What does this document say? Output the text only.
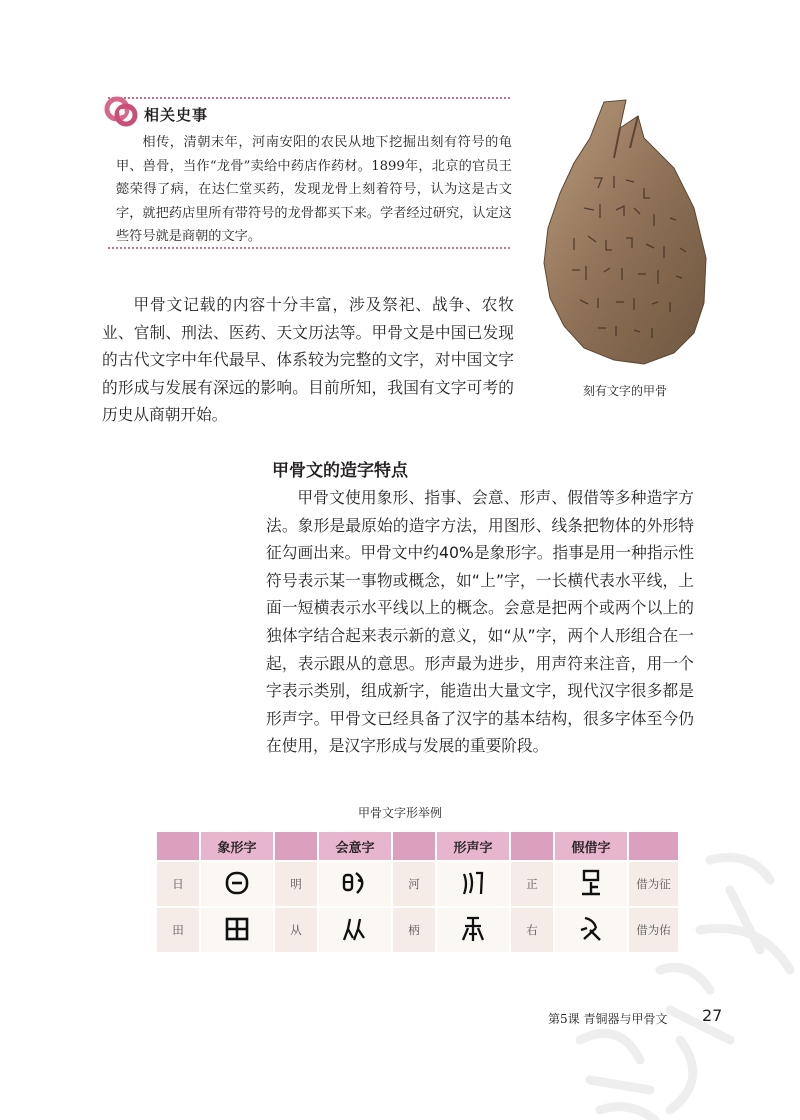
相关史事

相传，清朝末年，河南安阳的农民从地下挖掘出刻有符号的龟甲、兽骨，当作“龙骨”卖给中药店作药材。1899年，北京的官员王懿荣得了病，在达仁堂买药，发现龙骨上刻着符号，认为这是古文字，就把药店里所有带符号的龙骨都买下来。学者经过研究，认定这些符号就是商朝的文字。

刻有文字的甲骨

甲骨文记载的内容十分丰富，涉及祭祀、战争、农牧业、官制、刑法、医药、天文历法等。甲骨文是中国已发现的古代文字中年代最早、体系较为完整的文字，对中国文字的形成与发展有深远的影响。目前所知，我国有文字可考的历史从商朝开始。

甲骨文的造字特点

甲骨文使用象形、指事、会意、形声、假借等多种造字方法。象形是最原始的造字方法，用图形、线条把物体的外形特征勾画出来。甲骨文中约40%是象形字。指事是用一种指示性符号表示某一事物或概念，如“上”字，一长横代表水平线，上面一短横表示水平线以上的概念。会意是把两个或两个以上的独体字结合起来表示新的意义，如“从”字，两个人形组合在一起，表示跟从的意思。形声最为进步，用声符来注音，用一个字表示类别，组成新字，能造出大量文字，现代汉字很多都是形声字。甲骨文已经具备了汉字的基本结构，很多字体至今仍在使用，是汉字形成与发展的重要阶段。

甲骨文字形举例
	象形字		会意字		形声字		假借字	
日		明		河		正		借为征
田		从		柄		右		借为佑
第5课 青铜器与甲骨文 27
